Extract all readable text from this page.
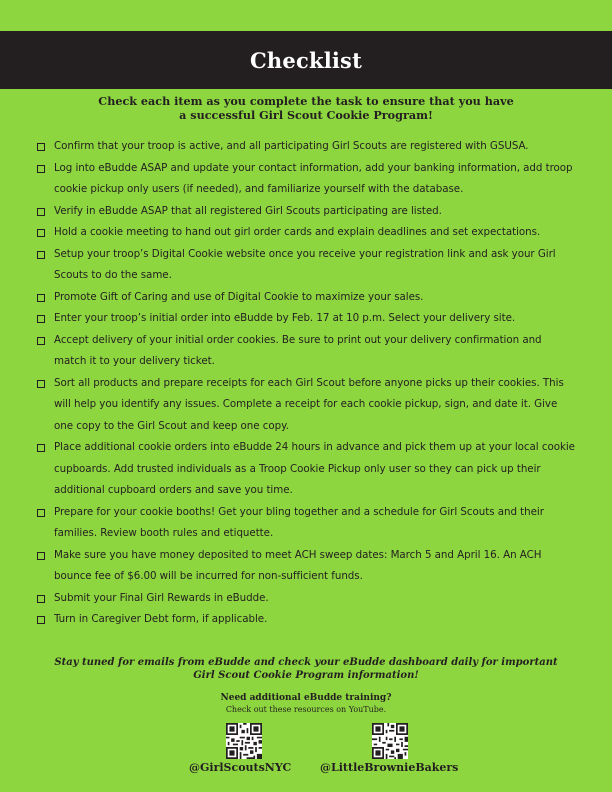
Checklist
Check each item as you complete the task to ensure that you have
a successful Girl Scout Cookie Program!
Confirm that your troop is active, and all participating Girl Scouts are registered with GSUSA.
Log into eBudde ASAP and update your contact information, add your banking information, add troop cookie pickup only users (if needed), and familiarize yourself with the database.
Verify in eBudde ASAP that all registered Girl Scouts participating are listed.
Hold a cookie meeting to hand out girl order cards and explain deadlines and set expectations.
Setup your troop’s Digital Cookie website once you receive your registration link and ask your Girl Scouts to do the same.
Promote Gift of Caring and use of Digital Cookie to maximize your sales.
Enter your troop’s initial order into eBudde by Feb. 17 at 10 p.m. Select your delivery site.
Accept delivery of your initial order cookies. Be sure to print out your delivery confirmation and match it to your delivery ticket.
Sort all products and prepare receipts for each Girl Scout before anyone picks up their cookies. This will help you identify any issues. Complete a receipt for each cookie pickup, sign, and date it. Give one copy to the Girl Scout and keep one copy.
Place additional cookie orders into eBudde 24 hours in advance and pick them up at your local cookie cupboards. Add trusted individuals as a Troop Cookie Pickup only user so they can pick up their additional cupboard orders and save you time.
Prepare for your cookie booths! Get your bling together and a schedule for Girl Scouts and their families. Review booth rules and etiquette.
Make sure you have money deposited to meet ACH sweep dates: March 5 and April 16. An ACH bounce fee of $6.00 will be incurred for non-sufficient funds.
Submit your Final Girl Rewards in eBudde.
Turn in Caregiver Debt form, if applicable.
Stay tuned for emails from eBudde and check your eBudde dashboard daily for important
Girl Scout Cookie Program information!
Need additional eBudde training?
Check out these resources on YouTube.
@GirlScoutsNYC	@LittleBrownieBakers
